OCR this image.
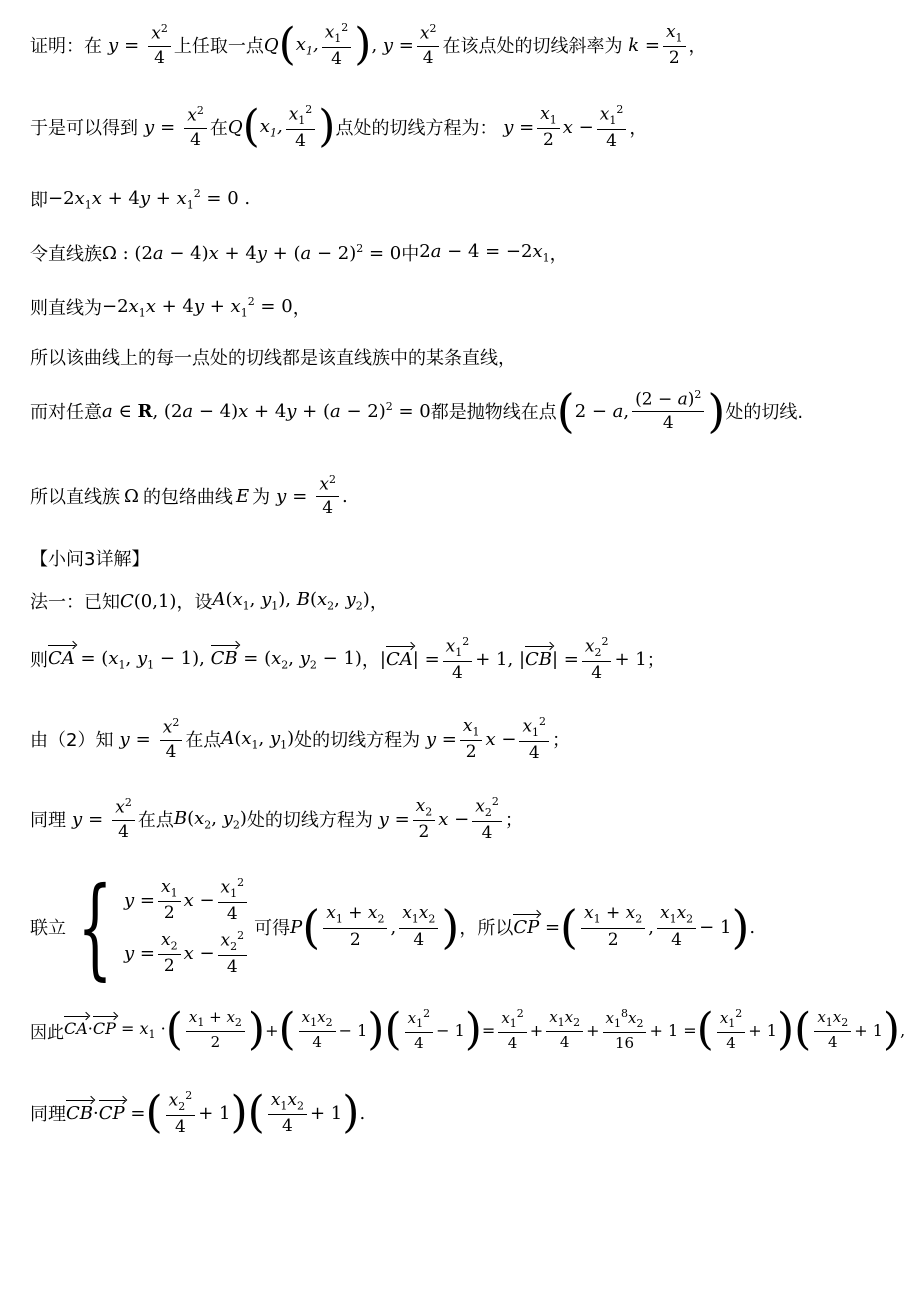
证明：在 $y = \frac{x^2}{4}$ 上任取一点 Q ( $x_1$, $\frac{x_1^2}{4}$ ) , $y = \frac{x^2}{4}$ 在该点处的切线斜率为 $k = \frac{x_1}{2}$ ，
于是可以得到 $y = \frac{x^2}{4}$ 在 Q ( $x_1$, $\frac{x_1^2}{4}$ ) 点处的切线方程为： $y = \frac{x_1}{2}$ $x - \frac{x_1^2}{4}$ ，
即 $-2x_1x + 4y + x_1^2 = 0$ .
令直线族 Ω : $(2a - 4)x + 4y + (a - 2)^2 = 0$ 中 $2a - 4 = -2x_1$ ，
则直线为 $-2x_1x + 4y + x_1^2 = 0$ ，
所以该曲线上的每一点处的切线都是该直线族中的某条直线，
而对任意 a ∈ R, $(2a - 4)x + 4y + (a - 2)^2 = 0$ 都是抛物线在点 ( 2 − a, $\frac{(2 - a)^2}{4}$ ) 处的切线.
所以直线族 Ω 的包络曲线 E 为 $y = \frac{x^2}{4}$ .
【小问3详解】
法一：已知 C(0,1) ，设 $A(x_1$, $y_1$), $B(x_2$, $y_2$) ，
则 CA = ($x_1$, $y_1 - 1$), CB = ($x_2$, $y_2 - 1$) ， $|CA| = \frac{x_1^2}{4} + 1$, $|CB| = \frac{x_2^2}{4} + 1$ ；
由（2）知 $y = \frac{x^2}{4}$ 在点 $A(x_1$, $y_1$) 处的切线方程为 $y = \frac{x_1}{2}$ $x - \frac{x_1^2}{4}$ ；
同理 $y = \frac{x^2}{4}$ 在点 $B(x_2$, $y_2$) 处的切线方程为 $y = \frac{x_2}{2}$ $x - \frac{x_2^2}{4}$ ；
联立 { $y = \frac{x_1}{2}$ $x - \frac{x_1^2}{4}$
$y = \frac{x_2}{2}$ $x - \frac{x_2^2}{4}$
可得 P ( $\frac{x_1 + x_2}{2}$ , $\frac{x_1x_2}{4}$ ) ，所以 CP = ( $\frac{x_1 + x_2}{2}$ , $\frac{x_1x_2}{4} - 1$ ) .
因此 $CA\cdot CP = x_1$ · ( $\frac{x_1 + x_2}{2}$ ) + ( $\frac{x_1x_2}{4} - 1$ ) ( $\frac{x_1^2}{4} - 1$ ) = $\frac{x_1^2}{4} + \frac{x_1x_2}{4} + \frac{x_1^8x_2}{16} + 1$ = ( $\frac{x_1^2}{4} + 1$ ) ( $\frac{x_1x_2}{4} + 1$ ) ,
同理 CB·CP = ( $\frac{x_2^2}{4} + 1$ ) ( $\frac{x_1x_2}{4} + 1$ ) .
